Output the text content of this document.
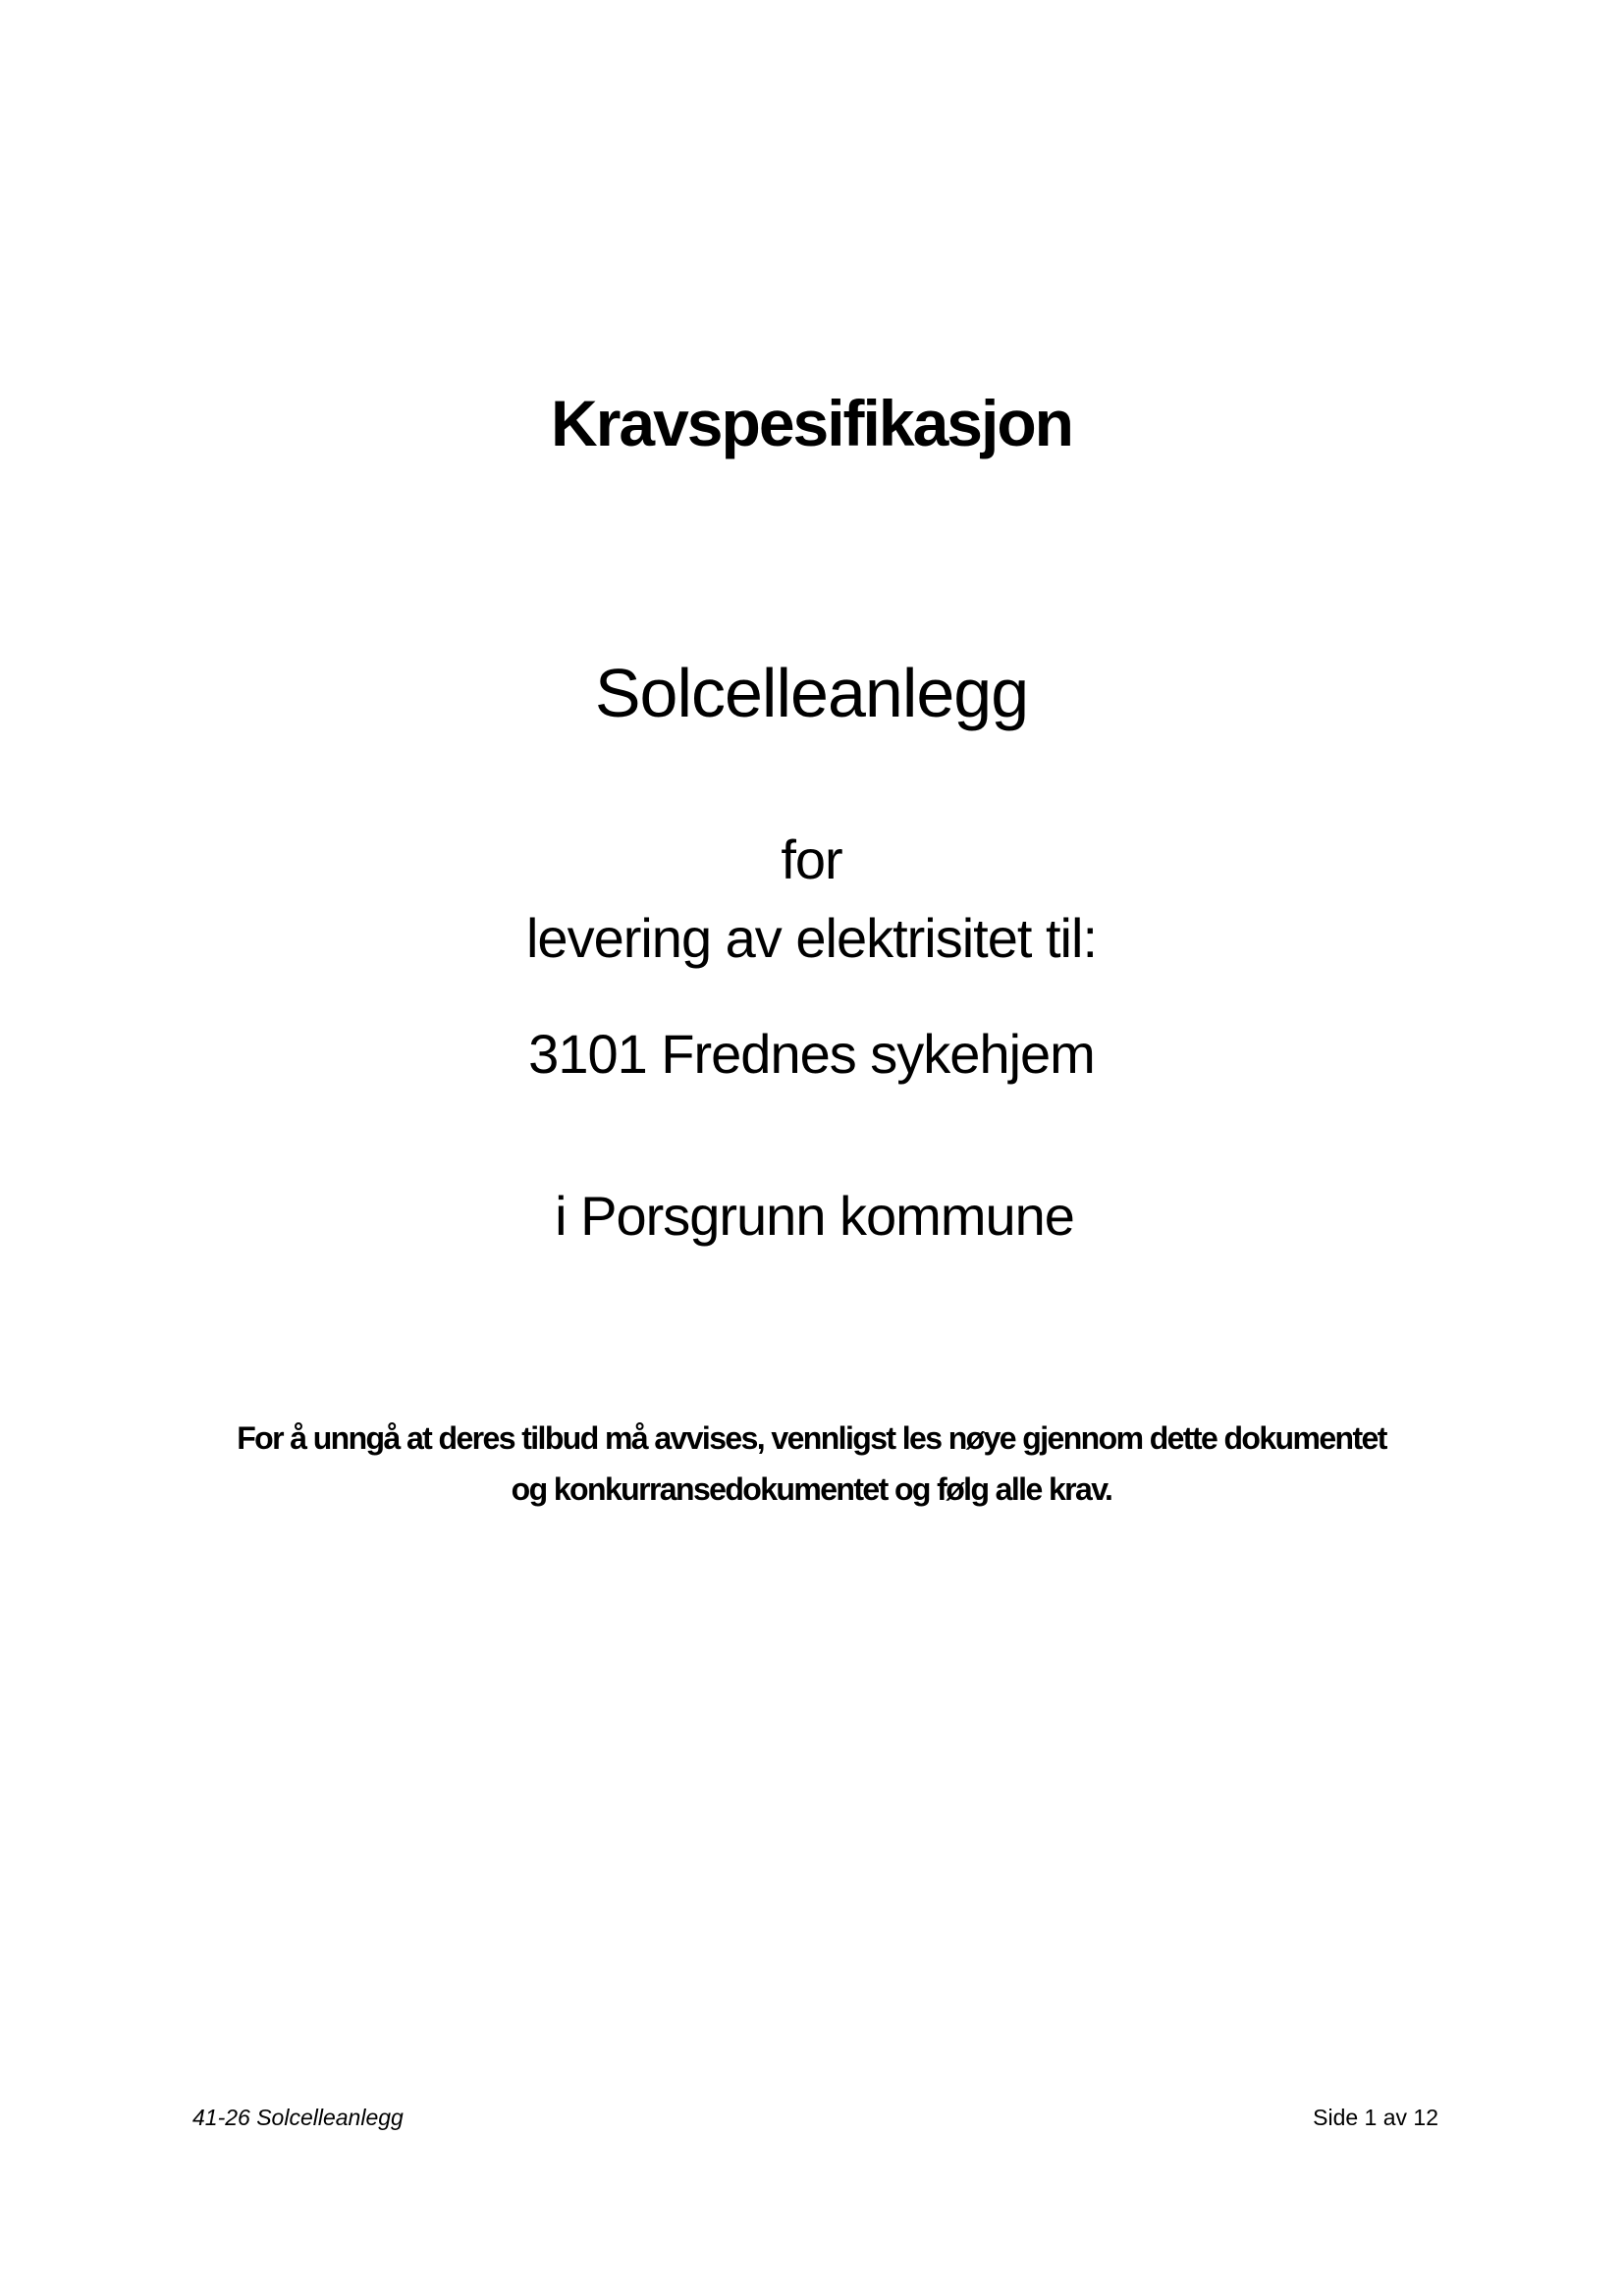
Kravspesifikasjon
Solcelleanlegg
for
levering av elektrisitet til:
3101 Frednes sykehjem
i Porsgrunn kommune
For å unngå at deres tilbud må avvises, vennligst les nøye gjennom dette dokumentet
og konkurransedokumentet og følg alle krav.
41-26 Solcelleanlegg	Side 1 av 12
